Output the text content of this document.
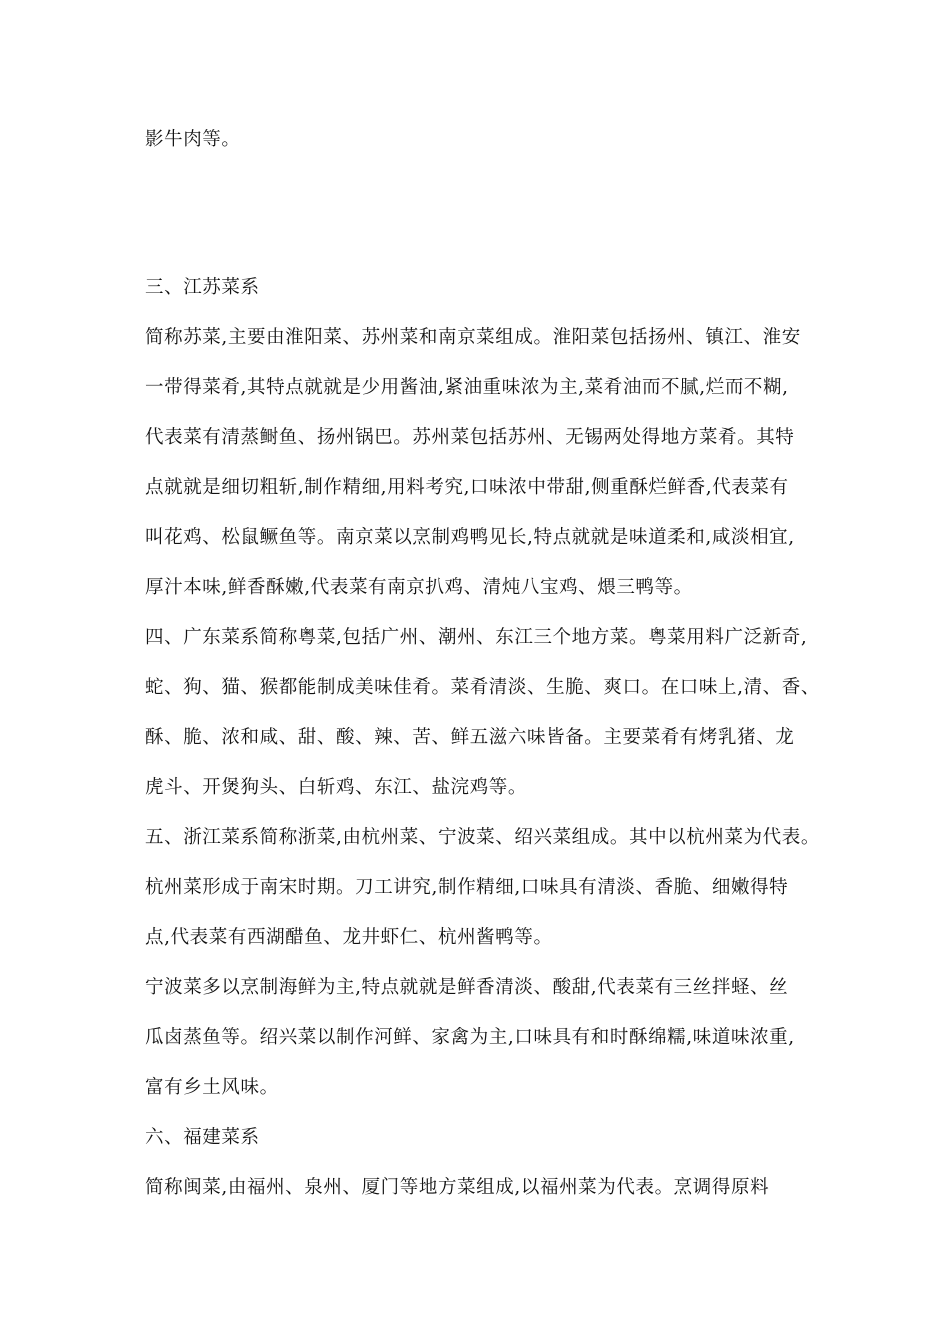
影牛肉等。
三、江苏菜系
简称苏菜,主要由淮阳菜、苏州菜和南京菜组成。淮阳菜包括扬州、镇江、淮安
一带得菜肴,其特点就就是少用酱油,紧油重味浓为主,菜肴油而不腻,烂而不糊,
代表菜有清蒸鲥鱼、扬州锅巴。苏州菜包括苏州、无锡两处得地方菜肴。其特
点就就是细切粗斩,制作精细,用料考究,口味浓中带甜,侧重酥烂鲜香,代表菜有
叫花鸡、松鼠鳜鱼等。南京菜以烹制鸡鸭见长,特点就就是味道柔和,咸淡相宜,
厚汁本味,鲜香酥嫩,代表菜有南京扒鸡、清炖八宝鸡、煨三鸭等。
四、广东菜系简称粤菜,包括广州、潮州、东江三个地方菜。粤菜用料广泛新奇,
蛇、狗、猫、猴都能制成美味佳肴。菜肴清淡、生脆、爽口。在口味上,清、香、
酥、脆、浓和咸、甜、酸、辣、苦、鲜五滋六味皆备。主要菜肴有烤乳猪、龙
虎斗、开煲狗头、白斩鸡、东江、盐浣鸡等。
五、浙江菜系简称浙菜,由杭州菜、宁波菜、绍兴菜组成。其中以杭州菜为代表。
杭州菜形成于南宋时期。刀工讲究,制作精细,口味具有清淡、香脆、细嫩得特
点,代表菜有西湖醋鱼、龙井虾仁、杭州酱鸭等。
宁波菜多以烹制海鲜为主,特点就就是鲜香清淡、酸甜,代表菜有三丝拌蛏、丝
瓜卤蒸鱼等。绍兴菜以制作河鲜、家禽为主,口味具有和时酥绵糯,味道味浓重,
富有乡土风味。
六、福建菜系
简称闽菜,由福州、泉州、厦门等地方菜组成,以福州菜为代表。烹调得原料
